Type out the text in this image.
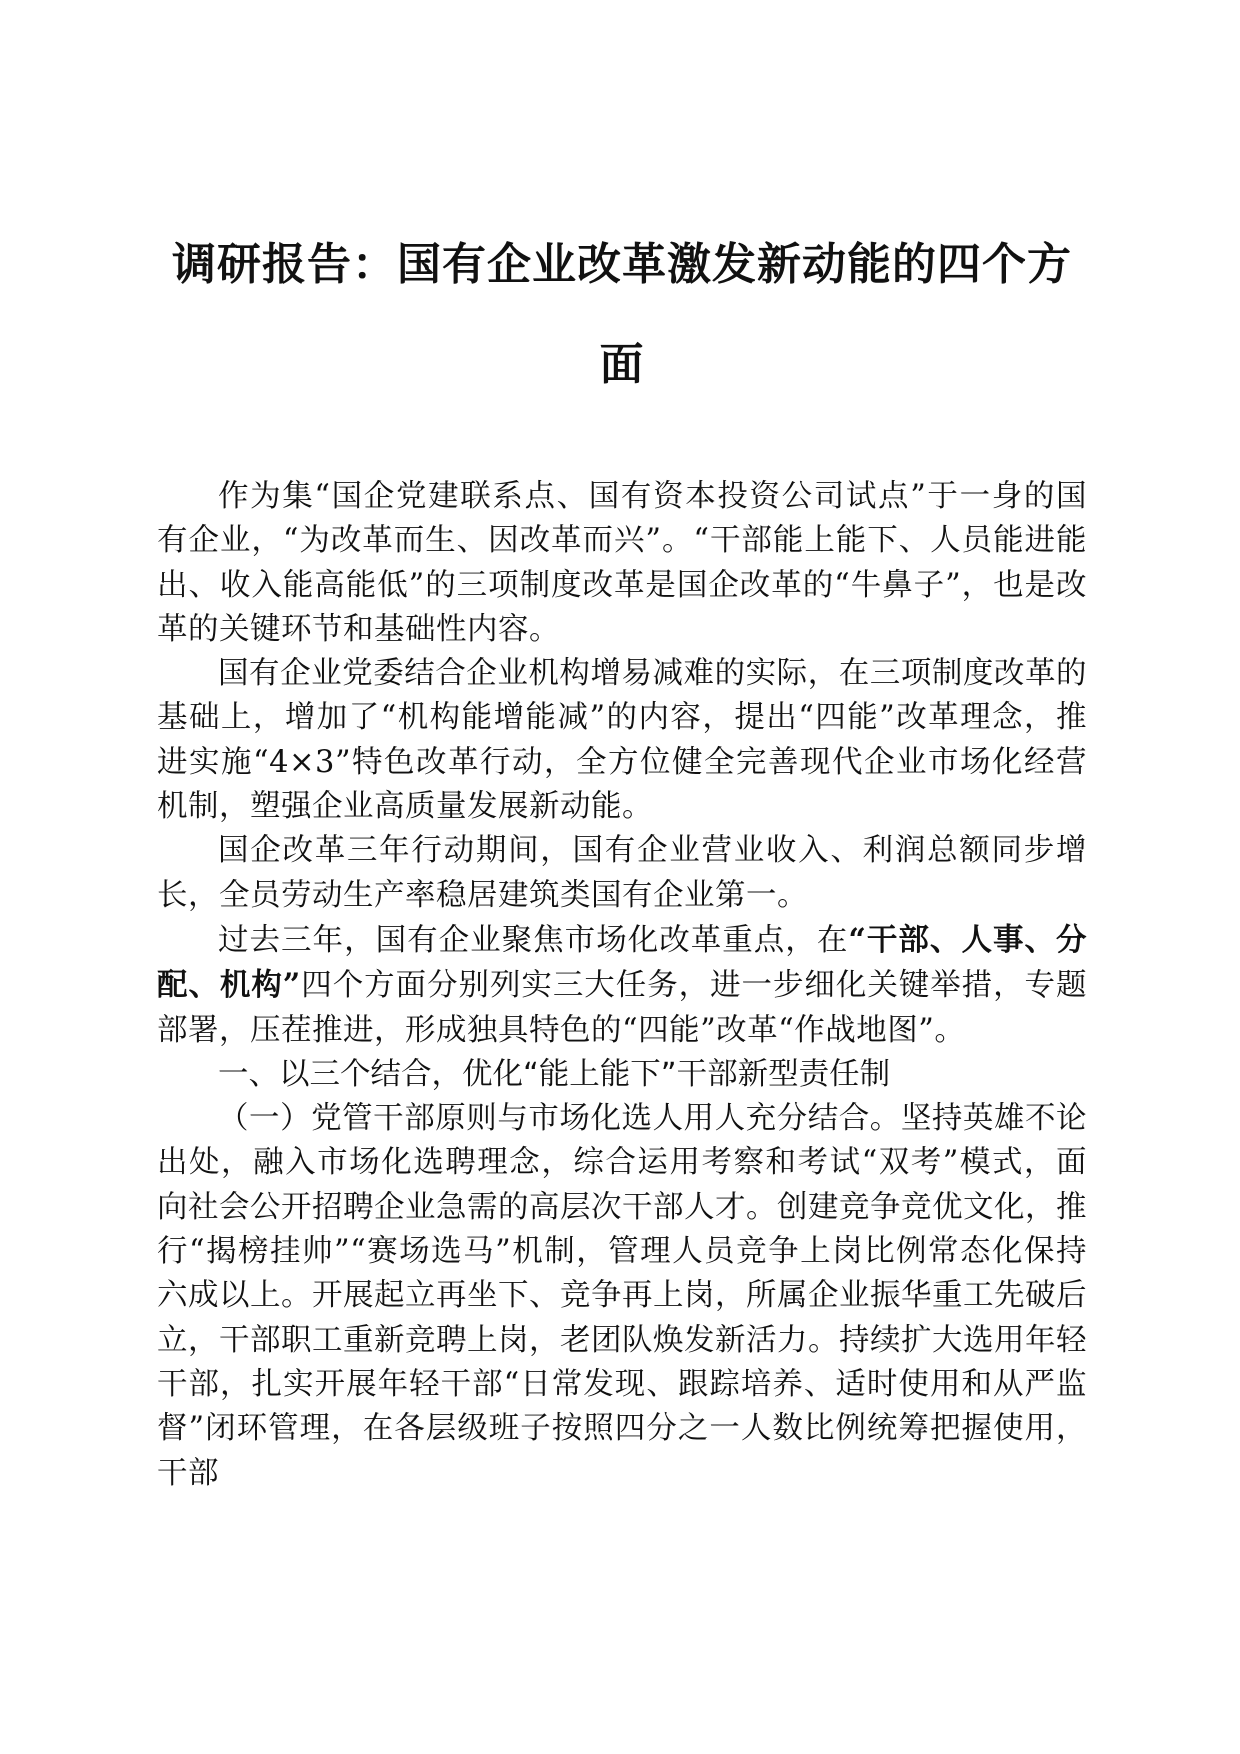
调研报告：国有企业改革激发新动能的四个方面

作为集“国企党建联系点、国有资本投资公司试点”于一身的国有企业，“为改革而生、因改革而兴”。“干部能上能下、人员能进能出、收入能高能低”的三项制度改革是国企改革的“牛鼻子”，也是改革的关键环节和基础性内容。

国有企业党委结合企业机构增易减难的实际，在三项制度改革的基础上，增加了“机构能增能减”的内容，提出“四能”改革理念，推进实施“4×3”特色改革行动，全方位健全完善现代企业市场化经营机制，塑强企业高质量发展新动能。

国企改革三年行动期间，国有企业营业收入、利润总额同步增长，全员劳动生产率稳居建筑类国有企业第一。

过去三年，国有企业聚焦市场化改革重点，在“干部、人事、分配、机构”四个方面分别列实三大任务，进一步细化关键举措，专题部署，压茬推进，形成独具特色的“四能”改革“作战地图”。

一、以三个结合，优化“能上能下”干部新型责任制

（一）党管干部原则与市场化选人用人充分结合。坚持英雄不论出处，融入市场化选聘理念，综合运用考察和考试“双考”模式，面向社会公开招聘企业急需的高层次干部人才。创建竞争竞优文化，推行“揭榜挂帅”“赛场选马”机制，管理人员竞争上岗比例常态化保持六成以上。开展起立再坐下、竞争再上岗，所属企业振华重工先破后立，干部职工重新竞聘上岗，老团队焕发新活力。持续扩大选用年轻干部，扎实开展年轻干部“日常发现、跟踪培养、适时使用和从严监督”闭环管理，在各层级班子按照四分之一人数比例统筹把握使用，干部
